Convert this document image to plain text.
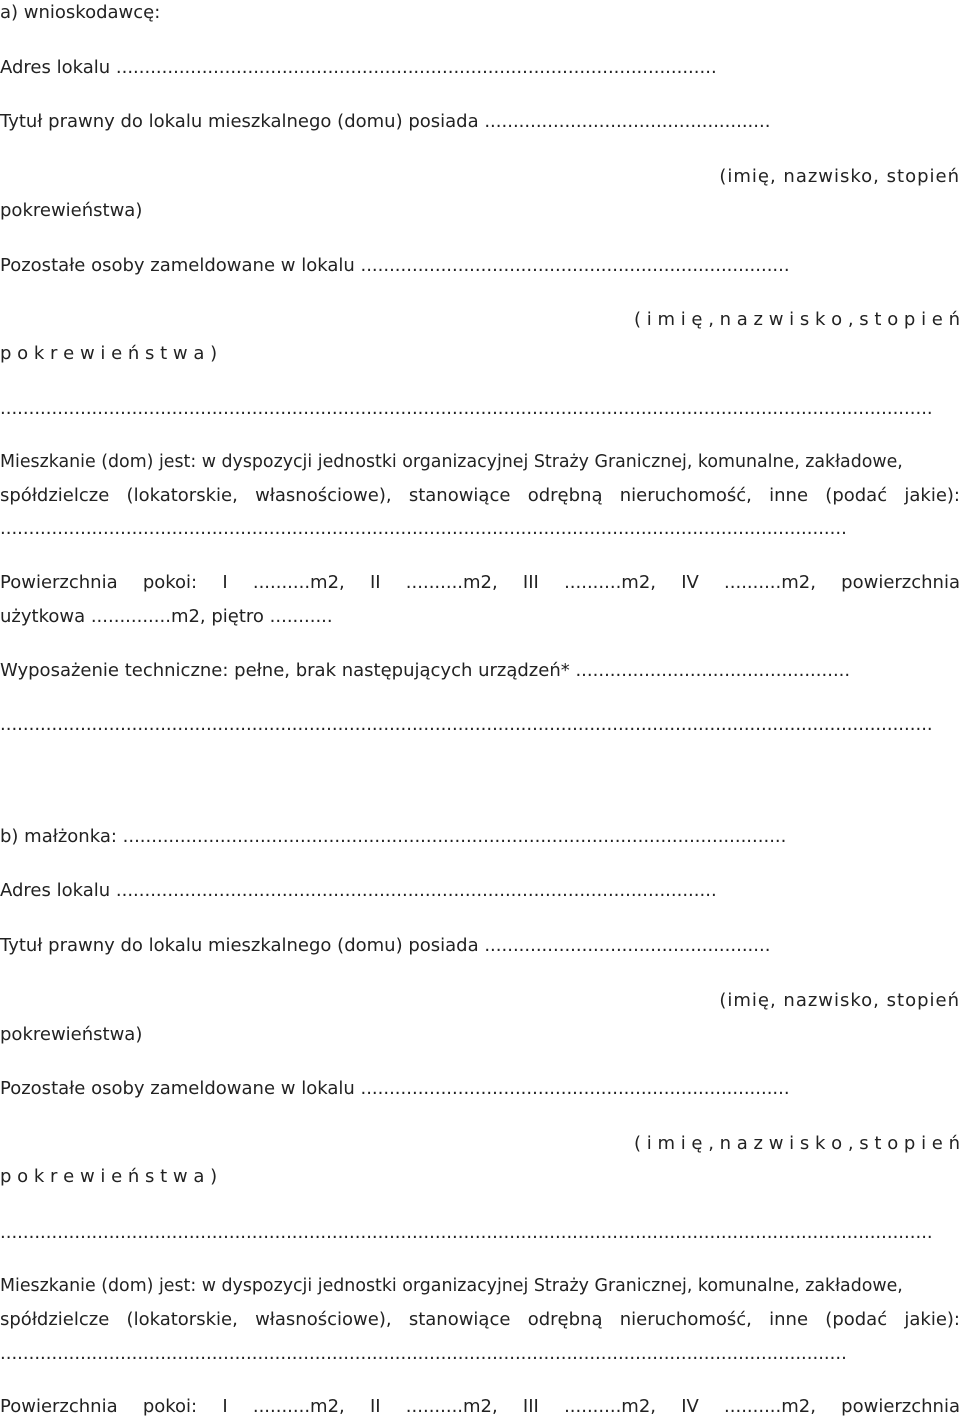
a) wnioskodawcę:
Adres lokalu .........................................................................................................
Tytuł prawny do lokalu mieszkalnego (domu) posiada ..................................................
(imię, nazwisko, stopień
pokrewieństwa)
Pozostałe osoby zameldowane w lokalu ...........................................................................
( i m i ę , n a z w i s k o , s t o p i e ń
p o k r e w i e ń s t w a )
...................................................................................................................................................................
Mieszkanie (dom) jest: w dyspozycji jednostki organizacyjnej Straży Granicznej, komunalne, zakładowe,
spółdzielcze (lokatorskie, własnościowe), stanowiące odrębną nieruchomość, inne (podać jakie):
....................................................................................................................................................
Powierzchnia pokoi: I ..........m2, II ..........m2, III ..........m2, IV ..........m2, powierzchnia
użytkowa ..............m2, piętro ...........
Wyposażenie techniczne: pełne, brak następujących urządzeń* ................................................
...................................................................................................................................................................
b) małżonka: ....................................................................................................................
Adres lokalu .........................................................................................................
Tytuł prawny do lokalu mieszkalnego (domu) posiada ..................................................
(imię, nazwisko, stopień
pokrewieństwa)
Pozostałe osoby zameldowane w lokalu ...........................................................................
( i m i ę , n a z w i s k o , s t o p i e ń
p o k r e w i e ń s t w a )
...................................................................................................................................................................
Mieszkanie (dom) jest: w dyspozycji jednostki organizacyjnej Straży Granicznej, komunalne, zakładowe,
spółdzielcze (lokatorskie, własnościowe), stanowiące odrębną nieruchomość, inne (podać jakie):
....................................................................................................................................................
Powierzchnia pokoi: I ..........m2, II ..........m2, III ..........m2, IV ..........m2, powierzchnia
